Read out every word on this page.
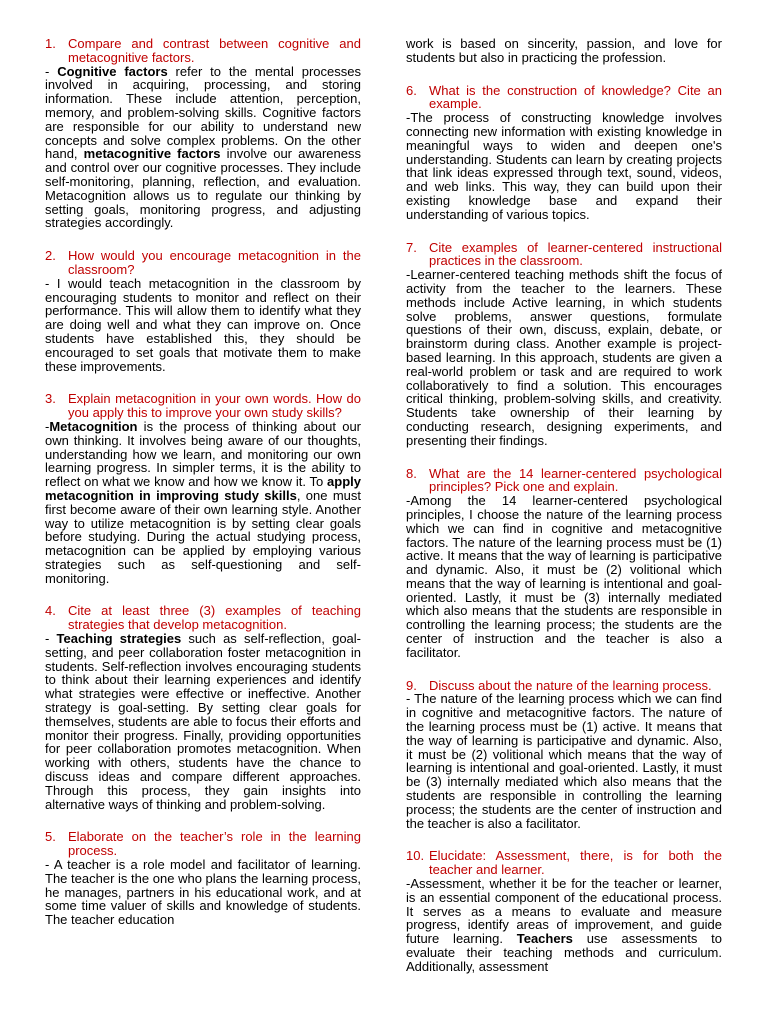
1. Compare and contrast between cognitive and metacognitive factors.

- Cognitive factors refer to the mental processes involved in acquiring, processing, and storing information. These include attention, perception, memory, and problem-solving skills. Cognitive factors are responsible for our ability to understand new concepts and solve complex problems. On the other hand, metacognitive factors involve our awareness and control over our cognitive processes. They include self-monitoring, planning, reflection, and evaluation. Metacognition allows us to regulate our thinking by setting goals, monitoring progress, and adjusting strategies accordingly.

2. How would you encourage metacognition in the classroom?

- I would teach metacognition in the classroom by encouraging students to monitor and reflect on their performance. This will allow them to identify what they are doing well and what they can improve on. Once students have established this, they should be encouraged to set goals that motivate them to make these improvements.

3. Explain metacognition in your own words. How do you apply this to improve your own study skills?

-Metacognition is the process of thinking about our own thinking. It involves being aware of our thoughts, understanding how we learn, and monitoring our own learning progress. In simpler terms, it is the ability to reflect on what we know and how we know it. To apply metacognition in improving study skills, one must first become aware of their own learning style. Another way to utilize metacognition is by setting clear goals before studying. During the actual studying process, metacognition can be applied by employing various strategies such as self-questioning and self-monitoring.

4. Cite at least three (3) examples of teaching strategies that develop metacognition.

- Teaching strategies such as self-reflection, goal-setting, and peer collaboration foster metacognition in students. Self-reflection involves encouraging students to think about their learning experiences and identify what strategies were effective or ineffective. Another strategy is goal-setting. By setting clear goals for themselves, students are able to focus their efforts and monitor their progress. Finally, providing opportunities for peer collaboration promotes metacognition. When working with others, students have the chance to discuss ideas and compare different approaches. Through this process, they gain insights into alternative ways of thinking and problem-solving.

5. Elaborate on the teacher’s role in the learning process.

- A teacher is a role model and facilitator of learning. The teacher is the one who plans the learning process, he manages, partners in his educational work, and at some time valuer of skills and knowledge of students. The teacher education

work is based on sincerity, passion, and love for students but also in practicing the profession.

6. What is the construction of knowledge? Cite an example.

-The process of constructing knowledge involves connecting new information with existing knowledge in meaningful ways to widen and deepen one's understanding. Students can learn by creating projects that link ideas expressed through text, sound, videos, and web links. This way, they can build upon their existing knowledge base and expand their understanding of various topics.

7. Cite examples of learner-centered instructional practices in the classroom.

-Learner-centered teaching methods shift the focus of activity from the teacher to the learners. These methods include Active learning, in which students solve problems, answer questions, formulate questions of their own, discuss, explain, debate, or brainstorm during class. Another example is project-based learning. In this approach, students are given a real-world problem or task and are required to work collaboratively to find a solution. This encourages critical thinking, problem-solving skills, and creativity. Students take ownership of their learning by conducting research, designing experiments, and presenting their findings.

8. What are the 14 learner-centered psychological principles? Pick one and explain.

-Among the 14 learner-centered psychological principles, I choose the nature of the learning process which we can find in cognitive and metacognitive factors. The nature of the learning process must be (1) active. It means that the way of learning is participative and dynamic. Also, it must be (2) volitional which means that the way of learning is intentional and goal-oriented. Lastly, it must be (3) internally mediated which also means that the students are responsible in controlling the learning process; the students are the center of instruction and the teacher is also a facilitator.

9. Discuss about the nature of the learning process.

- The nature of the learning process which we can find in cognitive and metacognitive factors. The nature of the learning process must be (1) active. It means that the way of learning is participative and dynamic. Also, it must be (2) volitional which means that the way of learning is intentional and goal-oriented. Lastly, it must be (3) internally mediated which also means that the students are responsible in controlling the learning process; the students are the center of instruction and the teacher is also a facilitator.

10. Elucidate: Assessment, there, is for both the teacher and learner.

-Assessment, whether it be for the teacher or learner, is an essential component of the educational process. It serves as a means to evaluate and measure progress, identify areas of improvement, and guide future learning. Teachers use assessments to evaluate their teaching methods and curriculum. Additionally, assessment
